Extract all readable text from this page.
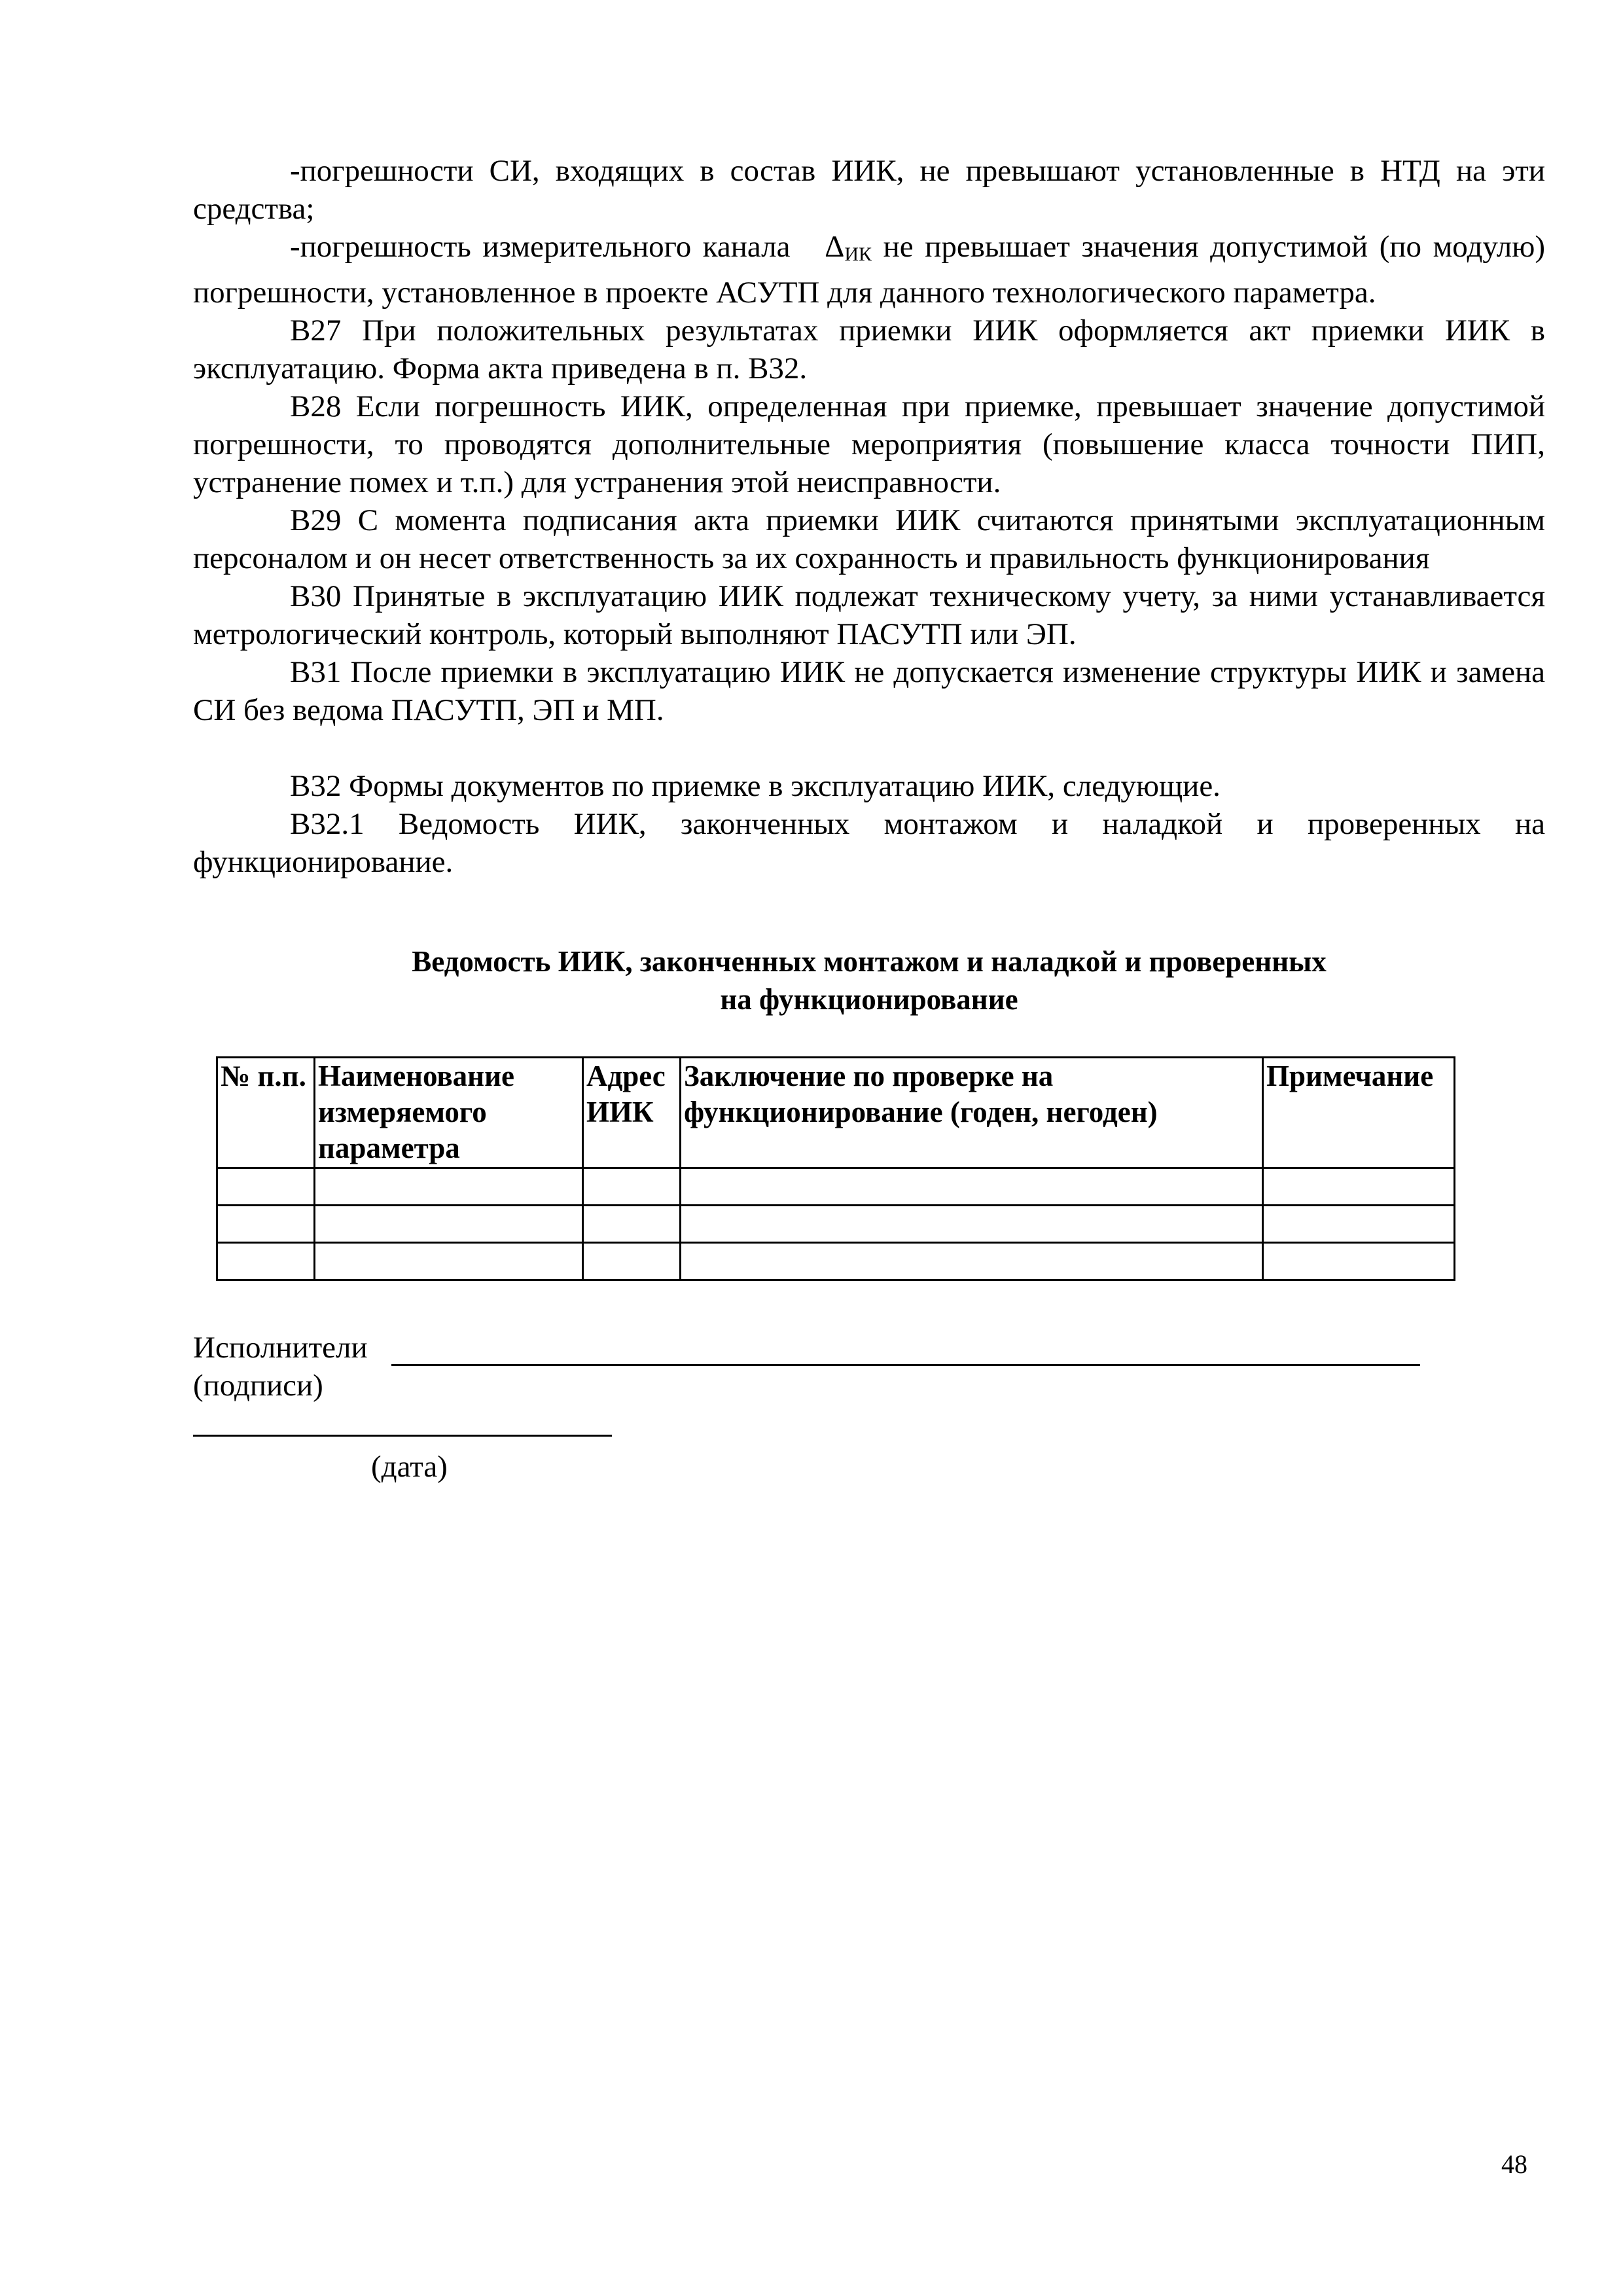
-погрешности СИ, входящих в состав ИИК, не превышают установленные в НТД на эти средства;

-погрешность измерительного канала $\Delta_{ИК}$ не превышает значения допустимой (по модулю) погрешности, установленное в проекте АСУТП для данного технологического параметра.

В27 При положительных результатах приемки ИИК оформляется акт приемки ИИК в эксплуатацию. Форма акта приведена в п. В32.

В28 Если погрешность ИИК, определенная при приемке, превышает значение допустимой погрешности, то проводятся дополнительные мероприятия (повышение класса точности ПИП, устранение помех и т.п.) для устранения этой неисправности.

В29 С момента подписания акта приемки ИИК считаются принятыми эксплуатационным персоналом и он несет ответственность за их сохранность и правильность функционирования

В30 Принятые в эксплуатацию ИИК подлежат техническому учету, за ними устанавливается метрологический контроль, который выполняют ПАСУТП или ЭП.

В31 После приемки в эксплуатацию ИИК не допускается изменение структуры ИИК и замена СИ без ведома ПАСУТП, ЭП и МП.

В32 Формы документов по приемке в эксплуатацию ИИК, следующие.

В32.1 Ведомость ИИК, законченных монтажом и наладкой и проверенных на функционирование.

Ведомость ИИК, законченных монтажом и наладкой и проверенных
на функционирование
№ п.п.	Наименование измеряемого параметра	Адрес ИИК	Заключение по проверке на функционирование (годен, негоден)	Примечание

Исполнители
(подписи)
(дата)
48
